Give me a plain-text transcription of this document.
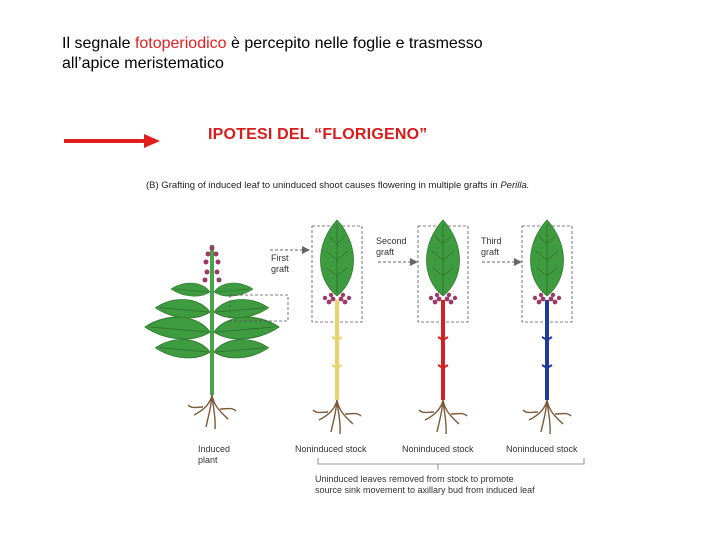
Il segnale fotoperiodico è percepito nelle foglie e trasmesso
all’apice meristematico
IPOTESI DEL “FLORIGENO”
(B) Grafting of induced leaf to uninduced shoot causes flowering in multiple grafts in Perilla.
First
graft
Second
graft
Third
graft
Induced
plant
Noninduced stock	Noninduced stock	Noninduced stock
Uninduced leaves removed from stock to promote
source sink movement to axillary bud from induced leaf
